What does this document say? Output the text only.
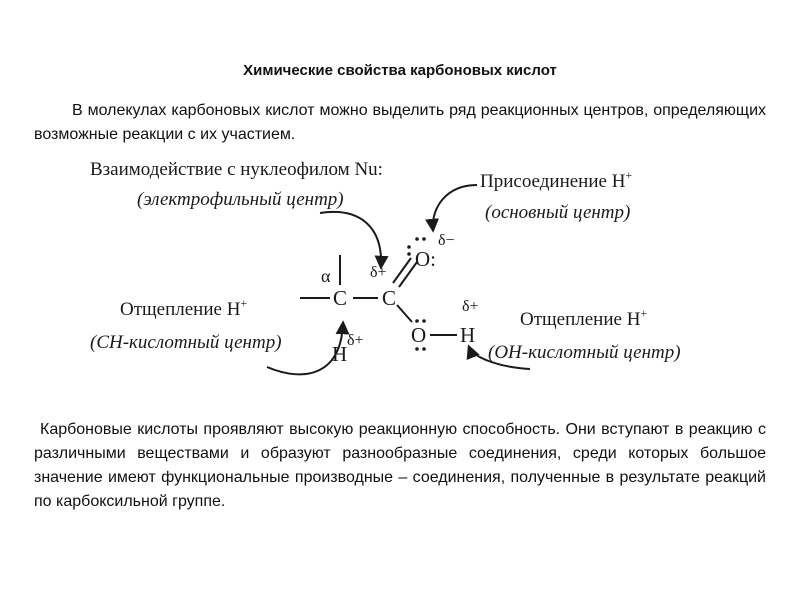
Химические свойства карбоновых кислот
В молекулах карбоновых кислот можно выделить ряд реакционных центров, определяющих возможные реакции с их участием.
Взаимодействие с нуклеофилом Nu:
(электрофильный центр)
Присоединение H+
(основный центр)
Отщепление H+
(CH-кислотный центр)
Отщепление H+
(OH-кислотный центр)
α
C C
O:
O H
H
δ+
δ−
δ+
δ+
Карбоновые кислоты проявляют высокую реакционную способность. Они вступают в реакцию с различными веществами и образуют разнообразные соединения, среди которых большое значение имеют функциональные производные – соединения, полученные в результате реакций по карбоксильной группе.
